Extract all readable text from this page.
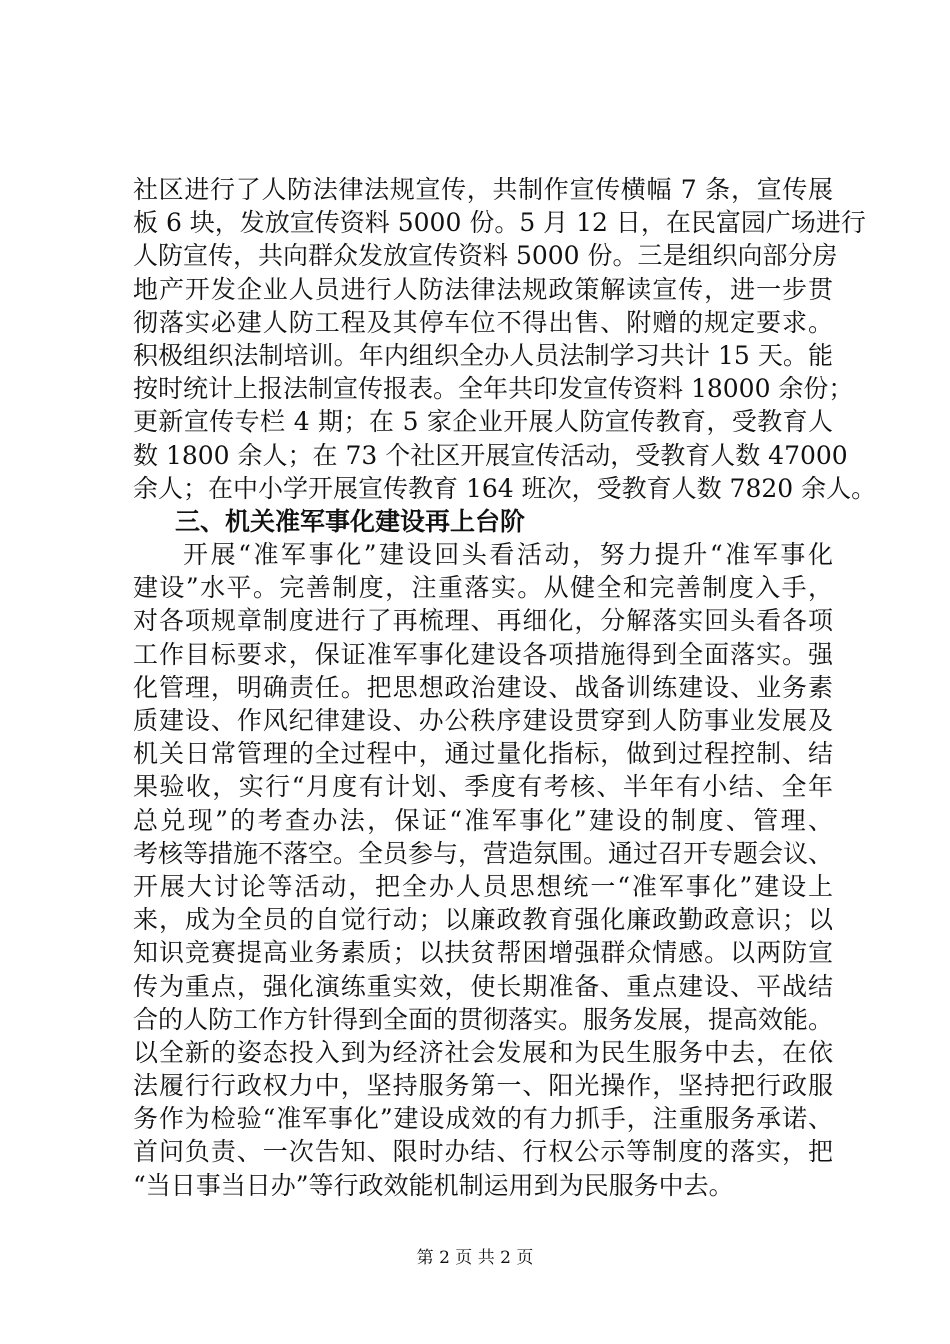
社区进行了人防法律法规宣传，共制作宣传横幅 7 条，宣传展
板 6 块，发放宣传资料 5000 份。5 月 12 日，在民富园广场进行
人防宣传，共向群众发放宣传资料 5000 份。三是组织向部分房
地产开发企业人员进行人防法律法规政策解读宣传，进一步贯
彻落实必建人防工程及其停车位不得出售、附赠的规定要求。
积极组织法制培训。年内组织全办人员法制学习共计 15 天。能
按时统计上报法制宣传报表。全年共印发宣传资料 18000 余份；
更新宣传专栏 4 期；在 5 家企业开展人防宣传教育，受教育人
数 1800 余人；在 73 个社区开展宣传活动，受教育人数 47000
余人；在中小学开展宣传教育 164 班次，受教育人数 7820 余人。
三、机关准军事化建设再上台阶
开展“准军事化”建设回头看活动，努力提升“准军事化
建设”水平。完善制度，注重落实。从健全和完善制度入手，
对各项规章制度进行了再梳理、再细化，分解落实回头看各项
工作目标要求，保证准军事化建设各项措施得到全面落实。强
化管理，明确责任。把思想政治建设、战备训练建设、业务素
质建设、作风纪律建设、办公秩序建设贯穿到人防事业发展及
机关日常管理的全过程中，通过量化指标，做到过程控制、结
果验收，实行“月度有计划、季度有考核、半年有小结、全年
总兑现”的考查办法，保证“准军事化”建设的制度、管理、
考核等措施不落空。全员参与，营造氛围。通过召开专题会议、
开展大讨论等活动，把全办人员思想统一“准军事化”建设上
来，成为全员的自觉行动；以廉政教育强化廉政勤政意识；以
知识竞赛提高业务素质；以扶贫帮困增强群众情感。以两防宣
传为重点，强化演练重实效，使长期准备、重点建设、平战结
合的人防工作方针得到全面的贯彻落实。服务发展，提高效能。
以全新的姿态投入到为经济社会发展和为民生服务中去，在依
法履行行政权力中，坚持服务第一、阳光操作，坚持把行政服
务作为检验“准军事化”建设成效的有力抓手，注重服务承诺、
首问负责、一次告知、限时办结、行权公示等制度的落实，把
“当日事当日办”等行政效能机制运用到为民服务中去。
第 2 页 共 2 页
